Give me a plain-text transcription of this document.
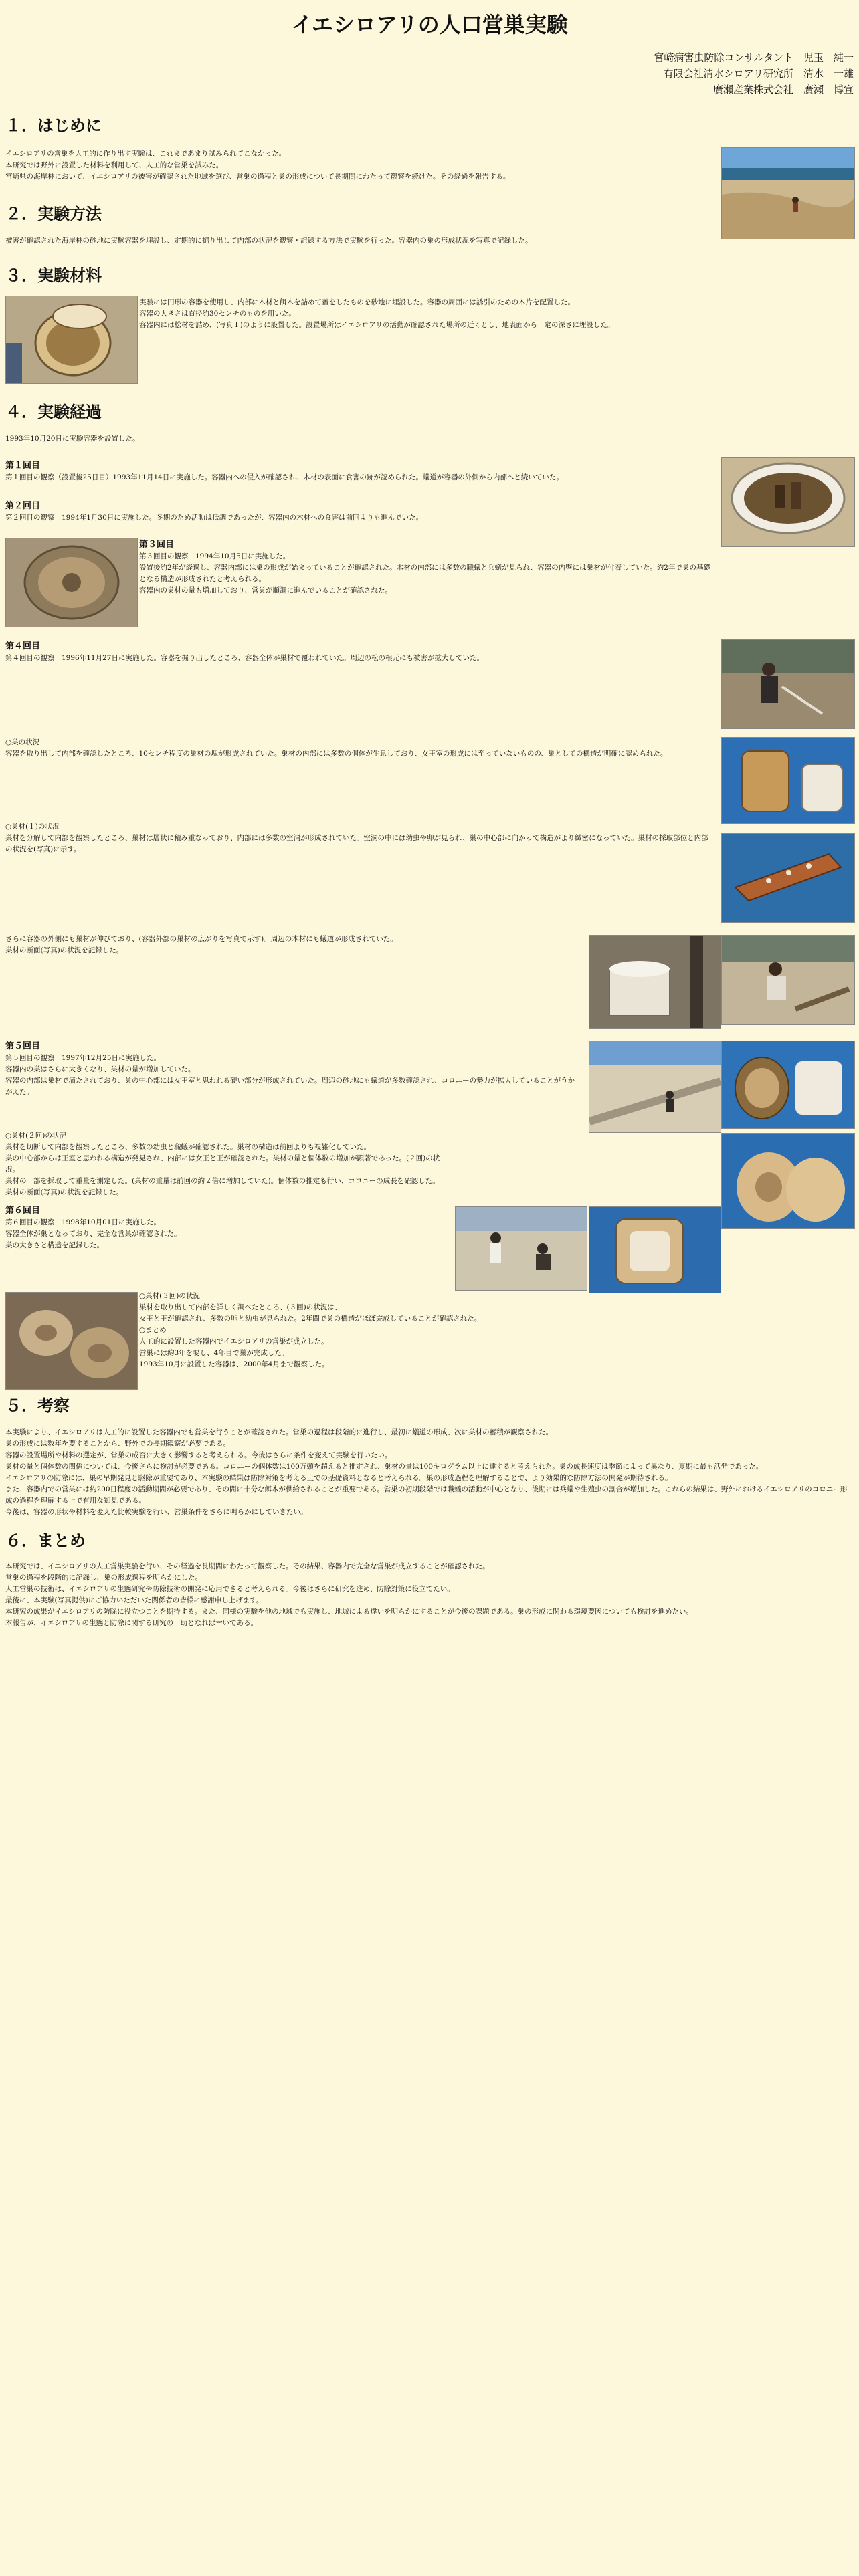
イエシロアリの人口営巣実験
宮崎病害虫防除コンサルタント　児玉　純一
有限会社清水シロアリ研究所　清水　一雄
廣瀬産業株式会社　廣瀬　博宣
１．はじめに

イエシロアリの営巣を人工的に作り出す実験は、これまであまり試みられてこなかった。

本研究では野外に設置した材料を利用して、人工的な営巣を試みた。

宮崎県の海岸林において、イエシロアリの被害が確認された地域を選び、営巣の過程と巣の形成について長期間にわたって観察を続けた。その経過を報告する。

２．実験方法

被害が確認された海岸林の砂地に実験容器を埋設し、定期的に掘り出して内部の状況を観察・記録する方法で実験を行った。容器内の巣の形成状況を写真で記録した。

３．実験材料

実験には円形の容器を使用し、内部に木材と餌木を詰めて蓋をしたものを砂地に埋設した。容器の周囲には誘引のための木片を配置した。

容器の大きさは直径約30センチのものを用いた。

容器内には松材を詰め、(写真１)のように設置した。設置場所はイエシロアリの活動が確認された場所の近くとし、地表面から一定の深さに埋設した。

４．実験経過
1993年10月20日に実験容器を設置した。

第１回目

第１回目の観察（設置後25日目）1993年11月14日に実施した。容器内への侵入が確認され、木材の表面に食害の跡が認められた。蟻道が容器の外側から内部へと続いていた。

第２回目

第２回目の観察　1994年1月30日に実施した。冬期のため活動は低調であったが、容器内の木材への食害は前回よりも進んでいた。

第３回目

第３回目の観察　1994年10月5日に実施した。

設置後約2年が経過し、容器内部には巣の形成が始まっていることが確認された。木材の内部には多数の職蟻と兵蟻が見られ、容器の内壁には巣材が付着していた。約2年で巣の基礎となる構造が形成されたと考えられる。

容器内の巣材の量も増加しており、営巣が順調に進んでいることが確認された。

第４回目

第４回目の観察　1996年11月27日に実施した。容器を掘り出したところ、容器全体が巣材で覆われていた。周辺の松の根元にも被害が拡大していた。

○巣の状況

容器を取り出して内部を確認したところ、10センチ程度の巣材の塊が形成されていた。巣材の内部には多数の個体が生息しており、女王室の形成には至っていないものの、巣としての構造が明確に認められた。

○巣材(１)の状況

巣材を分解して内部を観察したところ、巣材は層状に積み重なっており、内部には多数の空洞が形成されていた。空洞の中には幼虫や卵が見られ、巣の中心部に向かって構造がより緻密になっていた。巣材の採取部位と内部の状況を(写真)に示す。

さらに容器の外側にも巣材が伸びており、(容器外部の巣材の広がりを写真で示す)。周辺の木材にも蟻道が形成されていた。

巣材の断面(写真)の状況を記録した。

第５回目

第５回目の観察　1997年12月25日に実施した。

容器内の巣はさらに大きくなり、巣材の量が増加していた。

容器の内部は巣材で満たされており、巣の中心部には女王室と思われる硬い部分が形成されていた。周辺の砂地にも蟻道が多数確認され、コロニーの勢力が拡大していることがうかがえた。

○巣材(２回)の状況

巣材を切断して内部を観察したところ、多数の幼虫と職蟻が確認された。巣材の構造は前回よりも複雑化していた。

巣の中心部からは王室と思われる構造が発見され、内部には女王と王が確認された。巣材の量と個体数の増加が顕著であった。(２回)の状況。

巣材の一部を採取して重量を測定した。(巣材の重量は前回の約２倍に増加していた)。個体数の推定も行い、コロニーの成長を確認した。

巣材の断面(写真)の状況を記録した。

第６回目

第６回目の観察　1998年10月01日に実施した。

容器全体が巣となっており、完全な営巣が確認された。

巣の大きさと構造を記録した。

○巣材(３回)の状況

巣材を取り出して内部を詳しく調べたところ、(３回)の状況は、

女王と王が確認され、多数の卵と幼虫が見られた。2年間で巣の構造がほぼ完成していることが確認された。

○まとめ

人工的に設置した容器内でイエシロアリの営巣が成立した。

営巣には約3年を要し、4年目で巣が完成した。

1993年10月に設置した容器は、2000年4月まで観察した。

５．考察

本実験により、イエシロアリは人工的に設置した容器内でも営巣を行うことが確認された。営巣の過程は段階的に進行し、最初に蟻道の形成、次に巣材の蓄積が観察された。

巣の形成には数年を要することから、野外での長期観察が必要である。

容器の設置場所や材料の選定が、営巣の成否に大きく影響すると考えられる。今後はさらに条件を変えて実験を行いたい。

巣材の量と個体数の関係については、今後さらに検討が必要である。コロニーの個体数は100万頭を超えると推定され、巣材の量は100キログラム以上に達すると考えられた。巣の成長速度は季節によって異なり、夏期に最も活発であった。

イエシロアリの防除には、巣の早期発見と駆除が重要であり、本実験の結果は防除対策を考える上での基礎資料となると考えられる。巣の形成過程を理解することで、より効果的な防除方法の開発が期待される。

また、容器内での営巣には約200日程度の活動期間が必要であり、その間に十分な餌木が供給されることが重要である。営巣の初期段階では職蟻の活動が中心となり、後期には兵蟻や生殖虫の割合が増加した。これらの結果は、野外におけるイエシロアリのコロニー形成の過程を理解する上で有用な知見である。

今後は、容器の形状や材料を変えた比較実験を行い、営巣条件をさらに明らかにしていきたい。

６．まとめ

本研究では、イエシロアリの人工営巣実験を行い、その経過を長期間にわたって観察した。その結果、容器内で完全な営巣が成立することが確認された。

営巣の過程を段階的に記録し、巣の形成過程を明らかにした。

人工営巣の技術は、イエシロアリの生態研究や防除技術の開発に応用できると考えられる。今後はさらに研究を進め、防除対策に役立てたい。

最後に、本実験(写真提供)にご協力いただいた関係者の皆様に感謝申し上げます。

本研究の成果がイエシロアリの防除に役立つことを期待する。また、同様の実験を他の地域でも実施し、地域による違いを明らかにすることが今後の課題である。巣の形成に関わる環境要因についても検討を進めたい。

本報告が、イエシロアリの生態と防除に関する研究の一助となれば幸いである。
